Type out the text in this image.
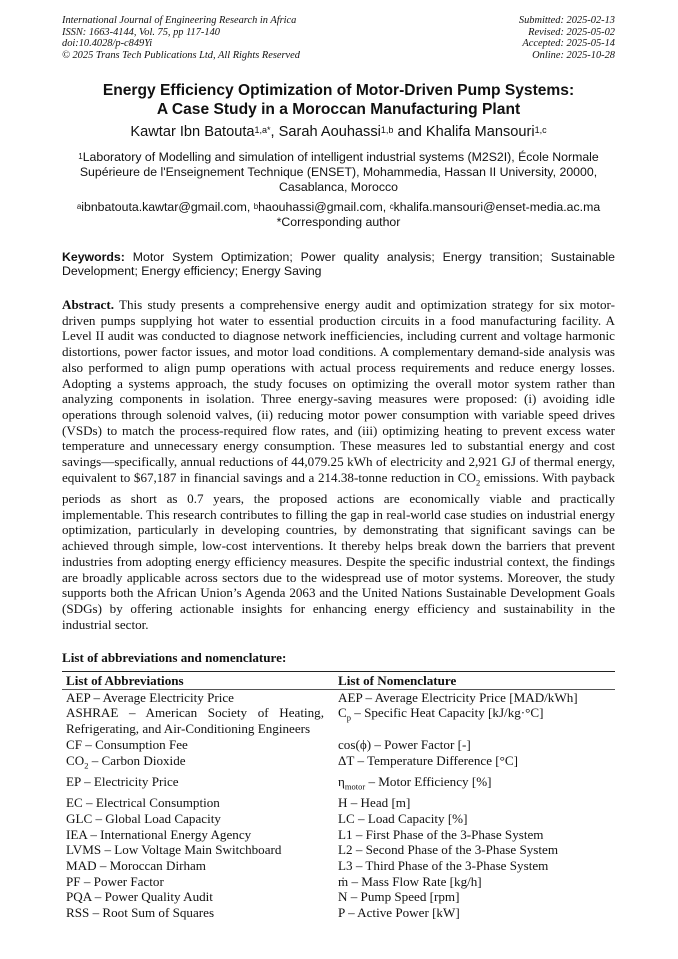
International Journal of Engineering Research in Africa
ISSN: 1663-4144, Vol. 75, pp 117-140
doi:10.4028/p-c849Yi
© 2025 Trans Tech Publications Ltd, All Rights Reserved
Submitted: 2025-02-13
Revised: 2025-05-02
Accepted: 2025-05-14
Online: 2025-10-28
Energy Efficiency Optimization of Motor-Driven Pump Systems:
A Case Study in a Moroccan Manufacturing Plant
Kawtar Ibn Batouta$^{1,a*}$, Sarah Aouhassi$^{1,b}$ and Khalifa Mansouri$^{1,c}$
$^1$Laboratory of Modelling and simulation of intelligent industrial systems (M2S2I), École Normale Supérieure de l'Enseignement Technique (ENSET), Mohammedia, Hassan II University, 20000, Casablanca, Morocco
$^a$ibnbatouta.kawtar@gmail.com, $^b$haouhassi@gmail.com, $^c$khalifa.mansouri@enset-media.ac.ma
*Corresponding author
Keywords: Motor System Optimization; Power quality analysis; Energy transition; Sustainable Development; Energy efficiency; Energy Saving
Abstract. This study presents a comprehensive energy audit and optimization strategy for six motor-driven pumps supplying hot water to essential production circuits in a food manufacturing facility. A Level II audit was conducted to diagnose network inefficiencies, including current and voltage harmonic distortions, power factor issues, and motor load conditions. A complementary demand-side analysis was also performed to align pump operations with actual process requirements and reduce energy losses. Adopting a systems approach, the study focuses on optimizing the overall motor system rather than analyzing components in isolation. Three energy-saving measures were proposed: (i) avoiding idle operations through solenoid valves, (ii) reducing motor power consumption with variable speed drives (VSDs) to match the process-required flow rates, and (iii) optimizing heating to prevent excess water temperature and unnecessary energy consumption. These measures led to substantial energy and cost savings—specifically, annual reductions of 44,079.25 kWh of electricity and 2,921 GJ of thermal energy, equivalent to $67,187 in financial savings and a 214.38-tonne reduction in $CO_2$ emissions. With payback periods as short as 0.7 years, the proposed actions are economically viable and practically implementable. This research contributes to filling the gap in real-world case studies on industrial energy optimization, particularly in developing countries, by demonstrating that significant savings can be achieved through simple, low-cost interventions. It thereby helps break down the barriers that prevent industries from adopting energy efficiency measures. Despite the specific industrial context, the findings are broadly applicable across sectors due to the widespread use of motor systems. Moreover, the study supports both the African Union’s Agenda 2063 and the United Nations Sustainable Development Goals (SDGs) by offering actionable insights for enhancing energy efficiency and sustainability in the industrial sector.
List of abbreviations and nomenclature:
List of Abbreviations	List of Nomenclature
AEP – Average Electricity Price	AEP – Average Electricity Price [MAD/kWh]
ASHRAE – American Society of Heating, Refrigerating, and Air-Conditioning Engineers	$C_p$ – Specific Heat Capacity [kJ/kg·°C]
CF – Consumption Fee	cos(ϕ) – Power Factor [-]
$CO_2$ – Carbon Dioxide	ΔT – Temperature Difference [°C]
EP – Electricity Price	$\eta_{motor}$ – Motor Efficiency [%]
EC – Electrical Consumption	H – Head [m]
GLC – Global Load Capacity	LC – Load Capacity [%]
IEA – International Energy Agency	L1 – First Phase of the 3-Phase System
LVMS – Low Voltage Main Switchboard	L2 – Second Phase of the 3-Phase System
MAD – Moroccan Dirham	L3 – Third Phase of the 3-Phase System
PF – Power Factor	ṁ – Mass Flow Rate [kg/h]
PQA – Power Quality Audit	N – Pump Speed [rpm]
RSS – Root Sum of Squares	P – Active Power [kW]
